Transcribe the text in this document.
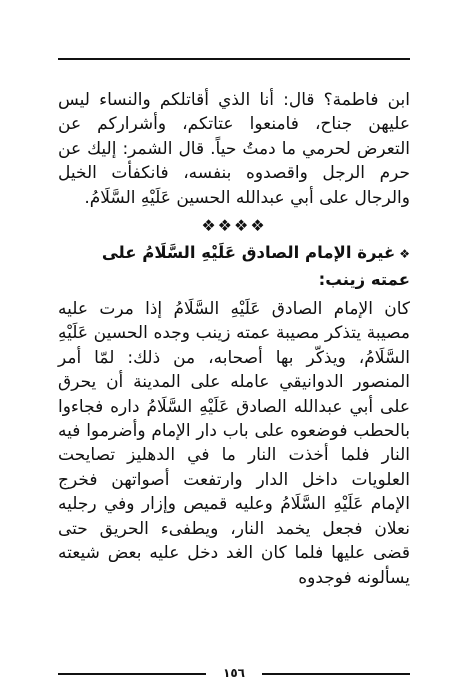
ابن فاطمة؟ قال: أنا الذي أقاتلكم والنساء ليس عليهن جناح، فامنعوا عتاتكم، وأشراركم عن التعرض لحرمي ما دمتُ حياً. قال الشمر: إليك عن حرم الرجل واقصدوه بنفسه، فانكفأت الخيل والرجال على أبي عبدالله الحسين عَلَيْهِ السَّلَامُ.

❖❖❖❖
❖غيرة الإمام الصادق عَلَيْهِ السَّلَامُ على عمته زينب:

كان الإمام الصادق عَلَيْهِ السَّلَامُ إذا مرت عليه مصيبة يتذكر مصيبة عمته زينب وجده الحسين عَلَيْهِ السَّلَامُ، ويذكّر بها أصحابه، من ذلك: لمّا أمر المنصور الدوانيقي عامله على المدينة أن يحرق على أبي عبدالله الصادق عَلَيْهِ السَّلَامُ داره فجاءوا بالحطب فوضعوه على باب دار الإمام وأضرموا فيه النار فلما أخذت النار ما في الدهليز تصايحت العلويات داخل الدار وارتفعت أصواتهن فخرج الإمام عَلَيْهِ السَّلَامُ وعليه قميص وإزار وفي رجليه نعلان فجعل يخمد النار، ويطفىء الحريق حتى قضى عليها فلما كان الغد دخل عليه بعض شيعته يسألونه فوجدوه

١٥٦
